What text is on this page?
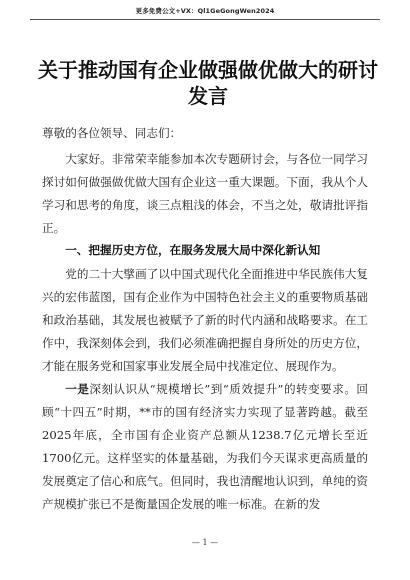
更多免费公文+VX：Ql1GeGongWen2024
关于推动国有企业做强做优做大的研讨发言

尊敬的各位领导、同志们：

大家好。非常荣幸能参加本次专题研讨会，与各位一同学习探讨如何做强做优做大国有企业这一重大课题。下面，我从个人学习和思考的角度，谈三点粗浅的体会，不当之处，敬请批评指正。

一、把握历史方位，在服务发展大局中深化新认知

党的二十大擘画了以中国式现代化全面推进中华民族伟大复兴的宏伟蓝图，国有企业作为中国特色社会主义的重要物质基础和政治基础，其发展也被赋予了新的时代内涵和战略要求。在工作中，我深刻体会到，我们必须准确把握自身所处的历史方位，才能在服务党和国家事业发展全局中找准定位、展现作为。

一是深刻认识从“规模增长”到“质效提升”的转变要求。回顾“十四五”时期，**市的国有经济实力实现了显著跨越。截至2025年底，全市国有企业资产总额从1238.7亿元增长至近1700亿元。这样坚实的体量基础，为我们今天谋求更高质量的发展奠定了信心和底气。但同时，我也清醒地认识到，单纯的资产规模扩张已不是衡量国企发展的唯一标准。在新的发

— 1 —
